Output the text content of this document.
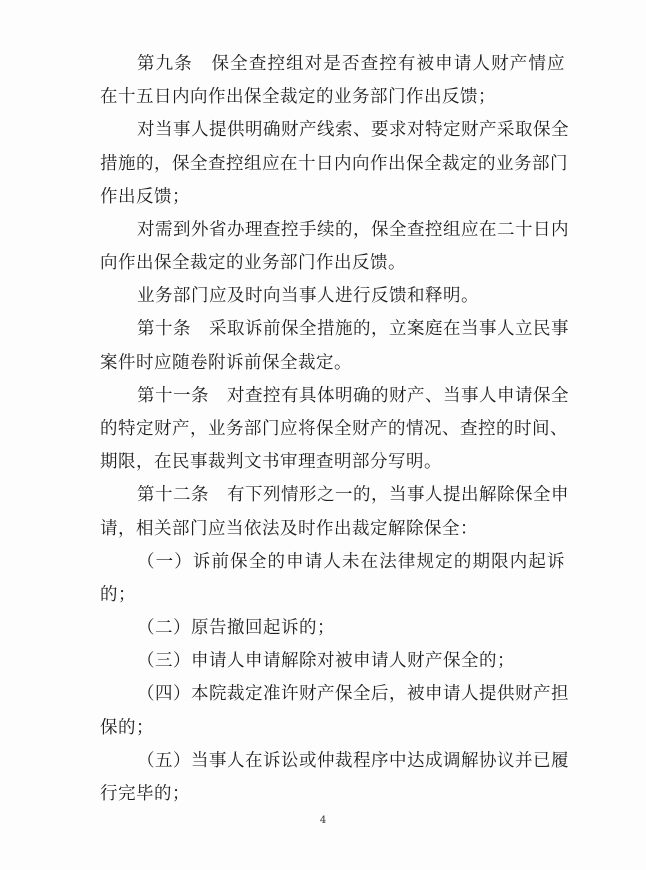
第九条　保全查控组对是否查控有被申请人财产情应
在十五日内向作出保全裁定的业务部门作出反馈；
对当事人提供明确财产线索、要求对特定财产采取保全
措施的，保全查控组应在十日内向作出保全裁定的业务部门
作出反馈；
对需到外省办理查控手续的，保全查控组应在二十日内
向作出保全裁定的业务部门作出反馈。
业务部门应及时向当事人进行反馈和释明。
第十条　采取诉前保全措施的，立案庭在当事人立民事
案件时应随卷附诉前保全裁定。
第十一条　对查控有具体明确的财产、当事人申请保全
的特定财产，业务部门应将保全财产的情况、查控的时间、
期限，在民事裁判文书审理查明部分写明。
第十二条　有下列情形之一的，当事人提出解除保全申
请，相关部门应当依法及时作出裁定解除保全：
（一）诉前保全的申请人未在法律规定的期限内起诉
的；
（二）原告撤回起诉的；
（三）申请人申请解除对被申请人财产保全的；
（四）本院裁定准许财产保全后，被申请人提供财产担
保的；
（五）当事人在诉讼或仲裁程序中达成调解协议并已履
行完毕的；
4
